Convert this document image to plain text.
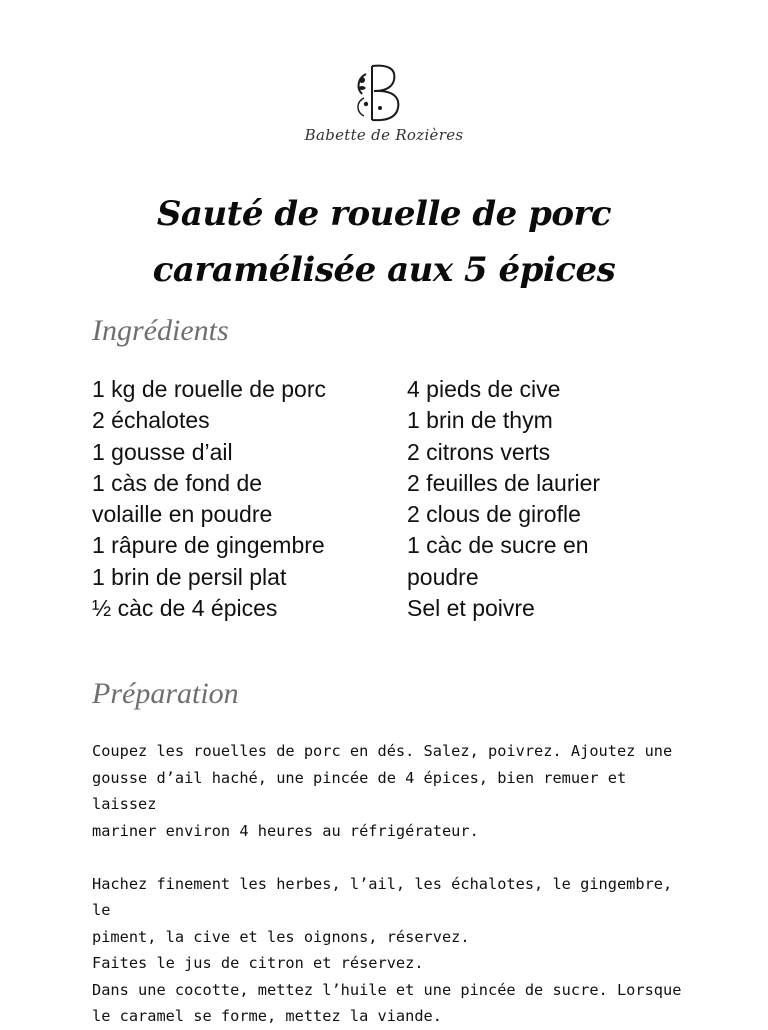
Babette de Rozières
Sauté de rouelle de porc
caramélisée aux 5 épices
Ingrédients
1 kg de rouelle de porc
2 échalotes
1 gousse d’ail
1 càs de fond de
volaille en poudre
1 râpure de gingembre
1 brin de persil plat
½ càc de 4 épices
4 pieds de cive
1 brin de thym
2 citrons verts
2 feuilles de laurier
2 clous de girofle
1 càc de sucre en
poudre
Sel et poivre
Préparation

Coupez les rouelles de porc en dés. Salez, poivrez. Ajoutez une

gousse d’ail haché, une pincée de 4 épices, bien remuer et laissez

mariner environ 4 heures au réfrigérateur.

Hachez finement les herbes, l’ail, les échalotes, le gingembre, le

piment, la cive et les oignons, réservez.

Faites le jus de citron et réservez.

Dans une cocotte, mettez l’huile et une pincée de sucre. Lorsque

le caramel se forme, mettez la viande.
